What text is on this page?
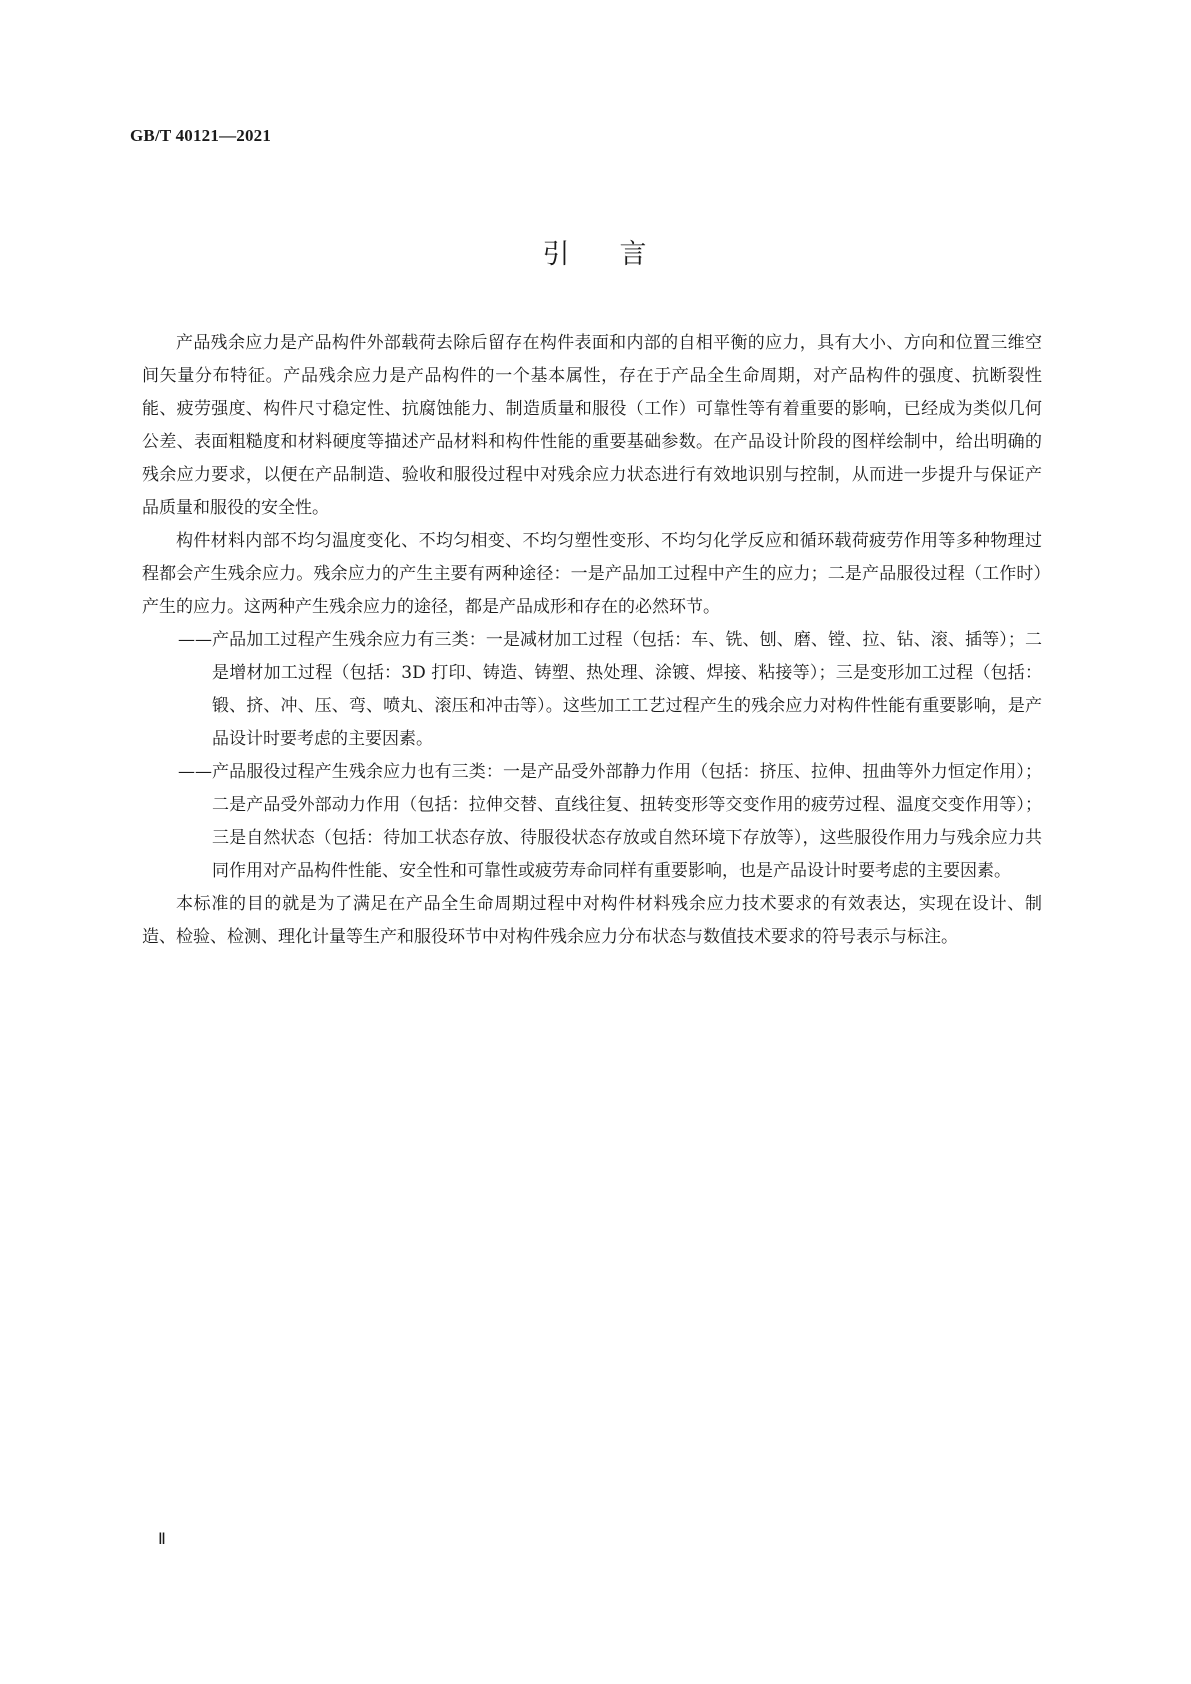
GB/T 40121—2021
引 言

产品残余应力是产品构件外部载荷去除后留存在构件表面和内部的自相平衡的应力，具有大小、方向和位置三维空间矢量分布特征。产品残余应力是产品构件的一个基本属性，存在于产品全生命周期，对产品构件的强度、抗断裂性能、疲劳强度、构件尺寸稳定性、抗腐蚀能力、制造质量和服役（工作）可靠性等有着重要的影响，已经成为类似几何公差、表面粗糙度和材料硬度等描述产品材料和构件性能的重要基础参数。在产品设计阶段的图样绘制中，给出明确的残余应力要求，以便在产品制造、验收和服役过程中对残余应力状态进行有效地识别与控制，从而进一步提升与保证产品质量和服役的安全性。

构件材料内部不均匀温度变化、不均匀相变、不均匀塑性变形、不均匀化学反应和循环载荷疲劳作用等多种物理过程都会产生残余应力。残余应力的产生主要有两种途径：一是产品加工过程中产生的应力；二是产品服役过程（工作时）产生的应力。这两种产生残余应力的途径，都是产品成形和存在的必然环节。

—— 产品加工过程产生残余应力有三类：一是减材加工过程（包括：车、铣、刨、磨、镗、拉、钻、滚、插等）；二是增材加工过程（包括：3D 打印、铸造、铸塑、热处理、涂镀、焊接、粘接等）；三是变形加工过程（包括：锻、挤、冲、压、弯、喷丸、滚压和冲击等）。这些加工工艺过程产生的残余应力对构件性能有重要影响，是产品设计时要考虑的主要因素。
—— 产品服役过程产生残余应力也有三类：一是产品受外部静力作用（包括：挤压、拉伸、扭曲等外力恒定作用）；二是产品受外部动力作用（包括：拉伸交替、直线往复、扭转变形等交变作用的疲劳过程、温度交变作用等）；三是自然状态（包括：待加工状态存放、待服役状态存放或自然环境下存放等），这些服役作用力与残余应力共同作用对产品构件性能、安全性和可靠性或疲劳寿命同样有重要影响，也是产品设计时要考虑的主要因素。

本标准的目的就是为了满足在产品全生命周期过程中对构件材料残余应力技术要求的有效表达，实现在设计、制造、检验、检测、理化计量等生产和服役环节中对构件残余应力分布状态与数值技术要求的符号表示与标注。

Ⅱ
